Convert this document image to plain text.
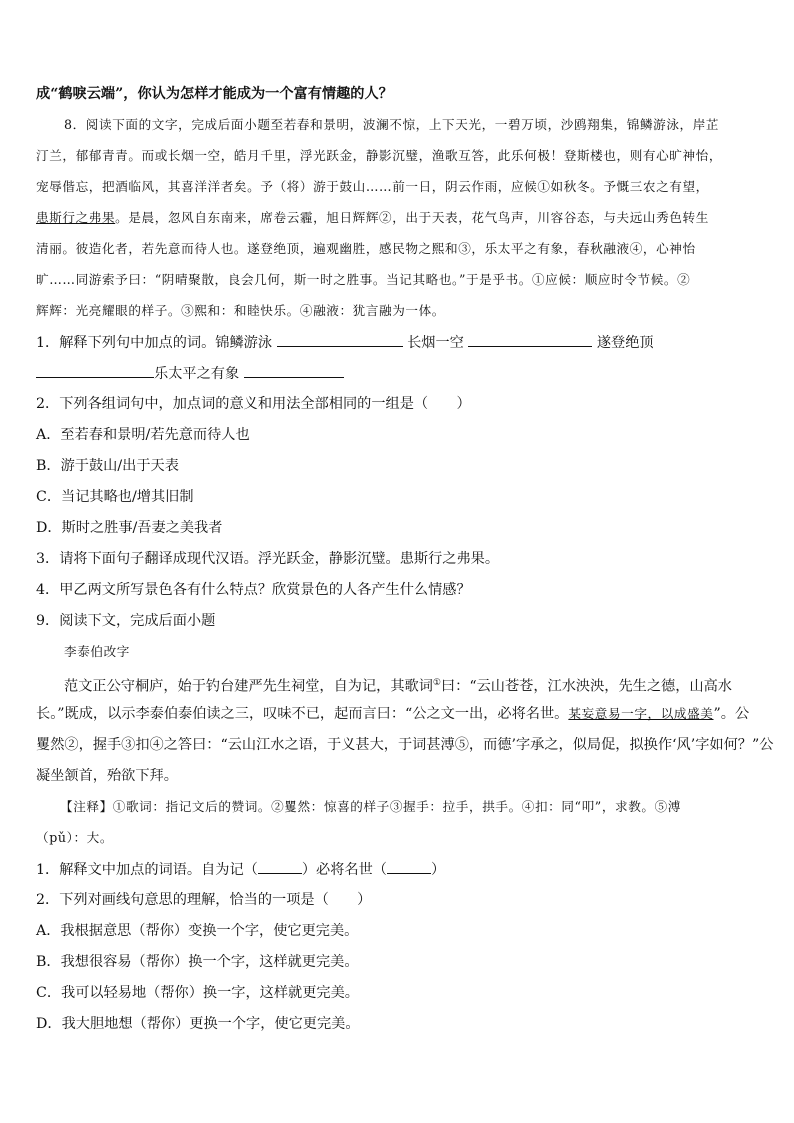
成“鹤唳云端”，你认为怎样才能成为一个富有情趣的人？
8．阅读下面的文字，完成后面小题至若春和景明，波澜不惊，上下天光，一碧万顷，沙鸥翔集，锦鳞游泳，岸芷
汀兰，郁郁青青。而或长烟一空，皓月千里，浮光跃金，静影沉璧，渔歌互答，此乐何极！登斯楼也，则有心旷神怡，
宠辱偕忘，把酒临风，其喜洋洋者矣。予（将）游于鼓山……前一日，阴云作雨，应候①如秋冬。予慨三农之有望，
患斯行之弗果。是晨，忽风自东南来，席卷云霾，旭日辉辉②，出于天表，花气鸟声，川容谷态，与夫远山秀色转生
清丽。彼造化者，若先意而待人也。遂登绝顶，遍观幽胜，感民物之熙和③，乐太平之有象，春秋融液④，心神怡
旷……同游索予曰：“阴晴聚散，良会几何，斯一时之胜事。当记其略也。”于是乎书。①应候：顺应时令节候。②
辉辉：光亮耀眼的样子。③熙和：和睦快乐。④融液：犹言融为一体。
1．解释下列句中加点的词。锦鳞游泳	长烟一空	遂登绝顶
乐太平之有象
2．下列各组词句中，加点词的意义和用法全部相同的一组是（　　）
A．至若春和景明/若先意而待人也
B．游于鼓山/出于天表
C．当记其略也/增其旧制
D．斯时之胜事/吾妻之美我者
3．请将下面句子翻译成现代汉语。浮光跃金，静影沉璧。患斯行之弗果。
4．甲乙两文所写景色各有什么特点？欣赏景色的人各产生什么情感？
9．阅读下文，完成后面小题
李泰伯改字
范文正公守桐庐，始于钓台建严先生祠堂，自为记，其歌词①曰：“云山苍苍，江水泱泱，先生之德，山高水
长。”既成，以示李泰伯泰伯读之三，叹味不已，起而言曰：“公之文一出，必将名世。某妄意易一字，以成盛美”。公
矍然②，握手③扣④之答曰：“云山江水之语，于义甚大，于词甚溥⑤，而德’字承之，似局促，拟换作‘风’字如何？”公
凝坐颔首，殆欲下拜。
【注释】①歌词：指记文后的赞词。②矍然：惊喜的样子③握手：拉手，拱手。④扣：同“叩”，求教。⑤溥
（pǔ）：大。
1．解释文中加点的词语。自为记（	）必将名世（	）
2．下列对画线句意思的理解，恰当的一项是（　　）
A．我根据意思（帮你）变换一个字，使它更完美。
B．我想很容易（帮你）换一个字，这样就更完美。
C．我可以轻易地（帮你）换一字，这样就更完美。
D．我大胆地想（帮你）更换一个字，使它更完美。
